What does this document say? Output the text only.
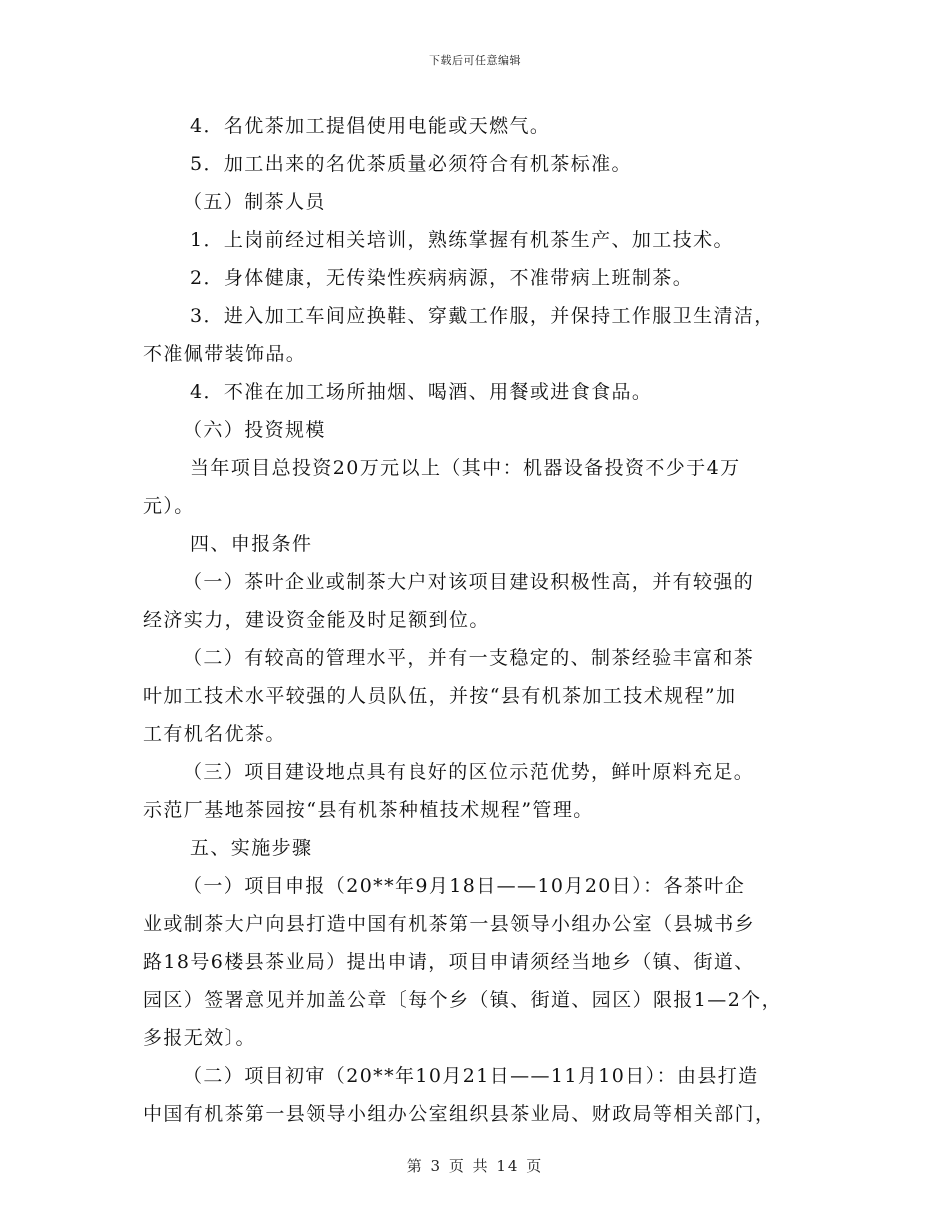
下载后可任意编辑
4．名优茶加工提倡使用电能或天燃气。
5．加工出来的名优茶质量必须符合有机茶标准。
（五）制茶人员
1．上岗前经过相关培训，熟练掌握有机茶生产、加工技术。
2．身体健康，无传染性疾病病源，不准带病上班制茶。
3．进入加工车间应换鞋、穿戴工作服，并保持工作服卫生清洁，
不准佩带装饰品。
4．不准在加工场所抽烟、喝酒、用餐或进食食品。
（六）投资规模
当年项目总投资20万元以上（其中：机器设备投资不少于4万
元）。
四、申报条件
（一）茶叶企业或制茶大户对该项目建设积极性高，并有较强的
经济实力，建设资金能及时足额到位。
（二）有较高的管理水平，并有一支稳定的、制茶经验丰富和茶
叶加工技术水平较强的人员队伍，并按“县有机茶加工技术规程”加
工有机名优茶。
（三）项目建设地点具有良好的区位示范优势，鲜叶原料充足。
示范厂基地茶园按“县有机茶种植技术规程”管理。
五、实施步骤
（一）项目申报（20**年9月18日——10月20日）：各茶叶企
业或制茶大户向县打造中国有机茶第一县领导小组办公室（县城书乡
路18号6楼县茶业局）提出申请，项目申请须经当地乡（镇、街道、
园区）签署意见并加盖公章〔每个乡（镇、街道、园区）限报1—2个，
多报无效〕。
（二）项目初审（20**年10月21日——11月10日）：由县打造
中国有机茶第一县领导小组办公室组织县茶业局、财政局等相关部门，
第 3 页 共 14 页
